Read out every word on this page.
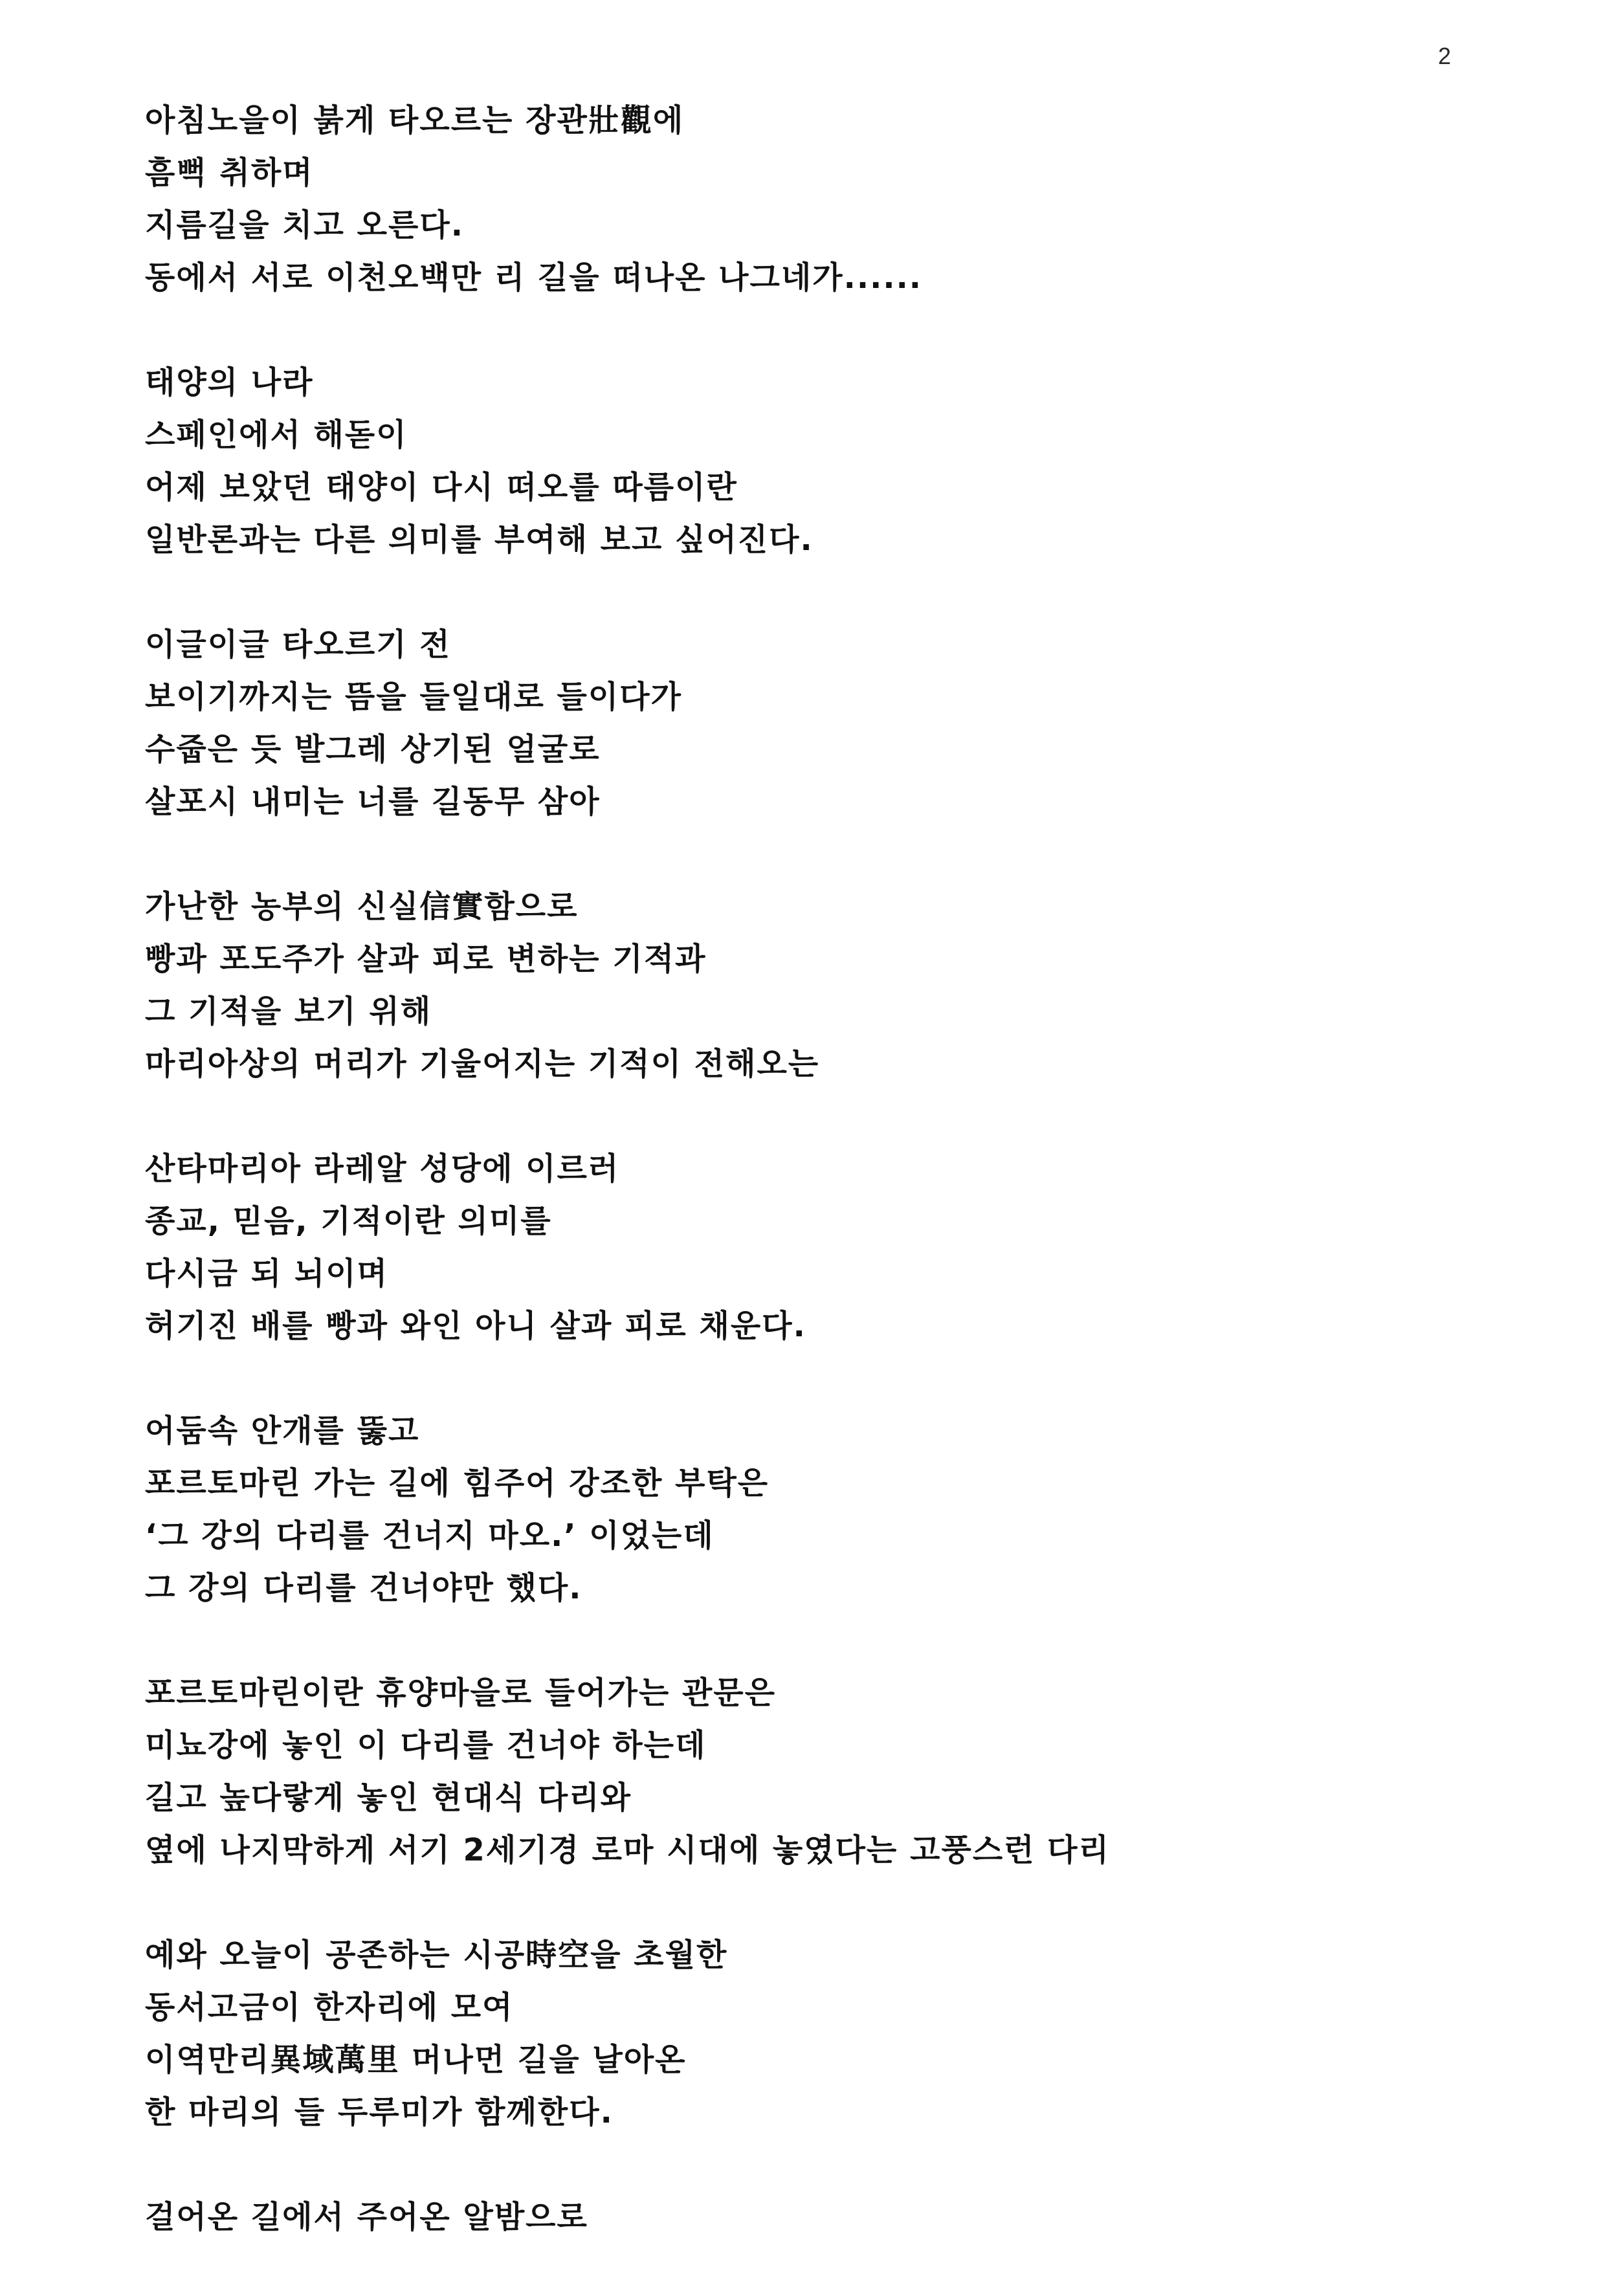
2
아침노을이 붉게 타오르는 장관壯觀에
흠뻑 취하며
지름길을 치고 오른다.
동에서 서로 이천오백만 리 길을 떠나온 나그네가......
태양의 나라
스페인에서 해돋이
어제 보았던 태양이 다시 떠오를 따름이란
일반론과는 다른 의미를 부여해 보고 싶어진다.
이글이글 타오르기 전
보이기까지는 뜸을 들일대로 들이다가
수줍은 듯 발그레 상기된 얼굴로
살포시 내미는 너를 길동무 삼아
가난한 농부의 신실信實함으로
빵과 포도주가 살과 피로 변하는 기적과
그 기적을 보기 위해
마리아상의 머리가 기울어지는 기적이 전해오는
산타마리아 라레알 성당에 이르러
종교, 믿음, 기적이란 의미를
다시금 되 뇌이며
허기진 배를 빵과 와인 아니 살과 피로 채운다.
어둠속 안개를 뚫고
포르토마린 가는 길에 힘주어 강조한 부탁은
‘그 강의 다리를 건너지 마오.’ 이었는데
그 강의 다리를 건너야만 했다.
포르토마린이란 휴양마을로 들어가는 관문은
미뇨강에 놓인 이 다리를 건너야 하는데
길고 높다랗게 놓인 현대식 다리와
옆에 나지막하게 서기 2세기경 로마 시대에 놓였다는 고풍스런 다리
예와 오늘이 공존하는 시공時空을 초월한
동서고금이 한자리에 모여
이역만리異域萬里 머나먼 길을 날아온
한 마리의 들 두루미가 함께한다.
걸어온 길에서 주어온 알밤으로
